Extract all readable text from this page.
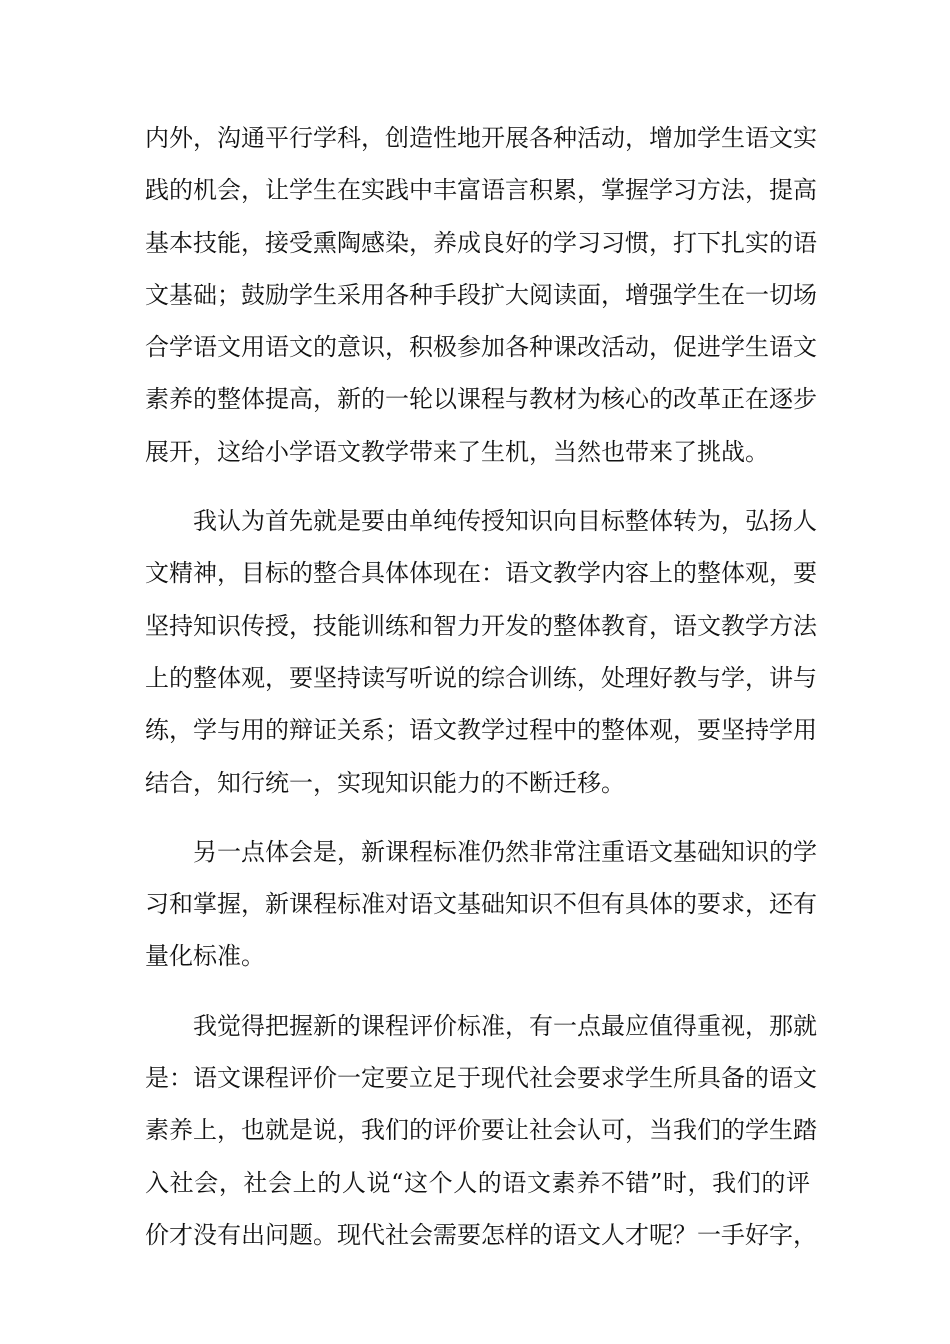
内外，沟通平行学科，创造性地开展各种活动，增加学生语文实
践的机会，让学生在实践中丰富语言积累，掌握学习方法，提高
基本技能，接受熏陶感染，养成良好的学习习惯，打下扎实的语
文基础；鼓励学生采用各种手段扩大阅读面，增强学生在一切场
合学语文用语文的意识，积极参加各种课改活动，促进学生语文
素养的整体提高，新的一轮以课程与教材为核心的改革正在逐步
展开，这给小学语文教学带来了生机，当然也带来了挑战。
我认为首先就是要由单纯传授知识向目标整体转为，弘扬人
文精神，目标的整合具体体现在：语文教学内容上的整体观，要
坚持知识传授，技能训练和智力开发的整体教育，语文教学方法
上的整体观，要坚持读写听说的综合训练，处理好教与学，讲与
练，学与用的辩证关系；语文教学过程中的整体观，要坚持学用
结合，知行统一，实现知识能力的不断迁移。
另一点体会是，新课程标准仍然非常注重语文基础知识的学
习和掌握，新课程标准对语文基础知识不但有具体的要求，还有
量化标准。
我觉得把握新的课程评价标准，有一点最应值得重视，那就
是：语文课程评价一定要立足于现代社会要求学生所具备的语文
素养上，也就是说，我们的评价要让社会认可，当我们的学生踏
入社会，社会上的人说“这个人的语文素养不错”时，我们的评
价才没有出问题。现代社会需要怎样的语文人才呢？一手好字，
